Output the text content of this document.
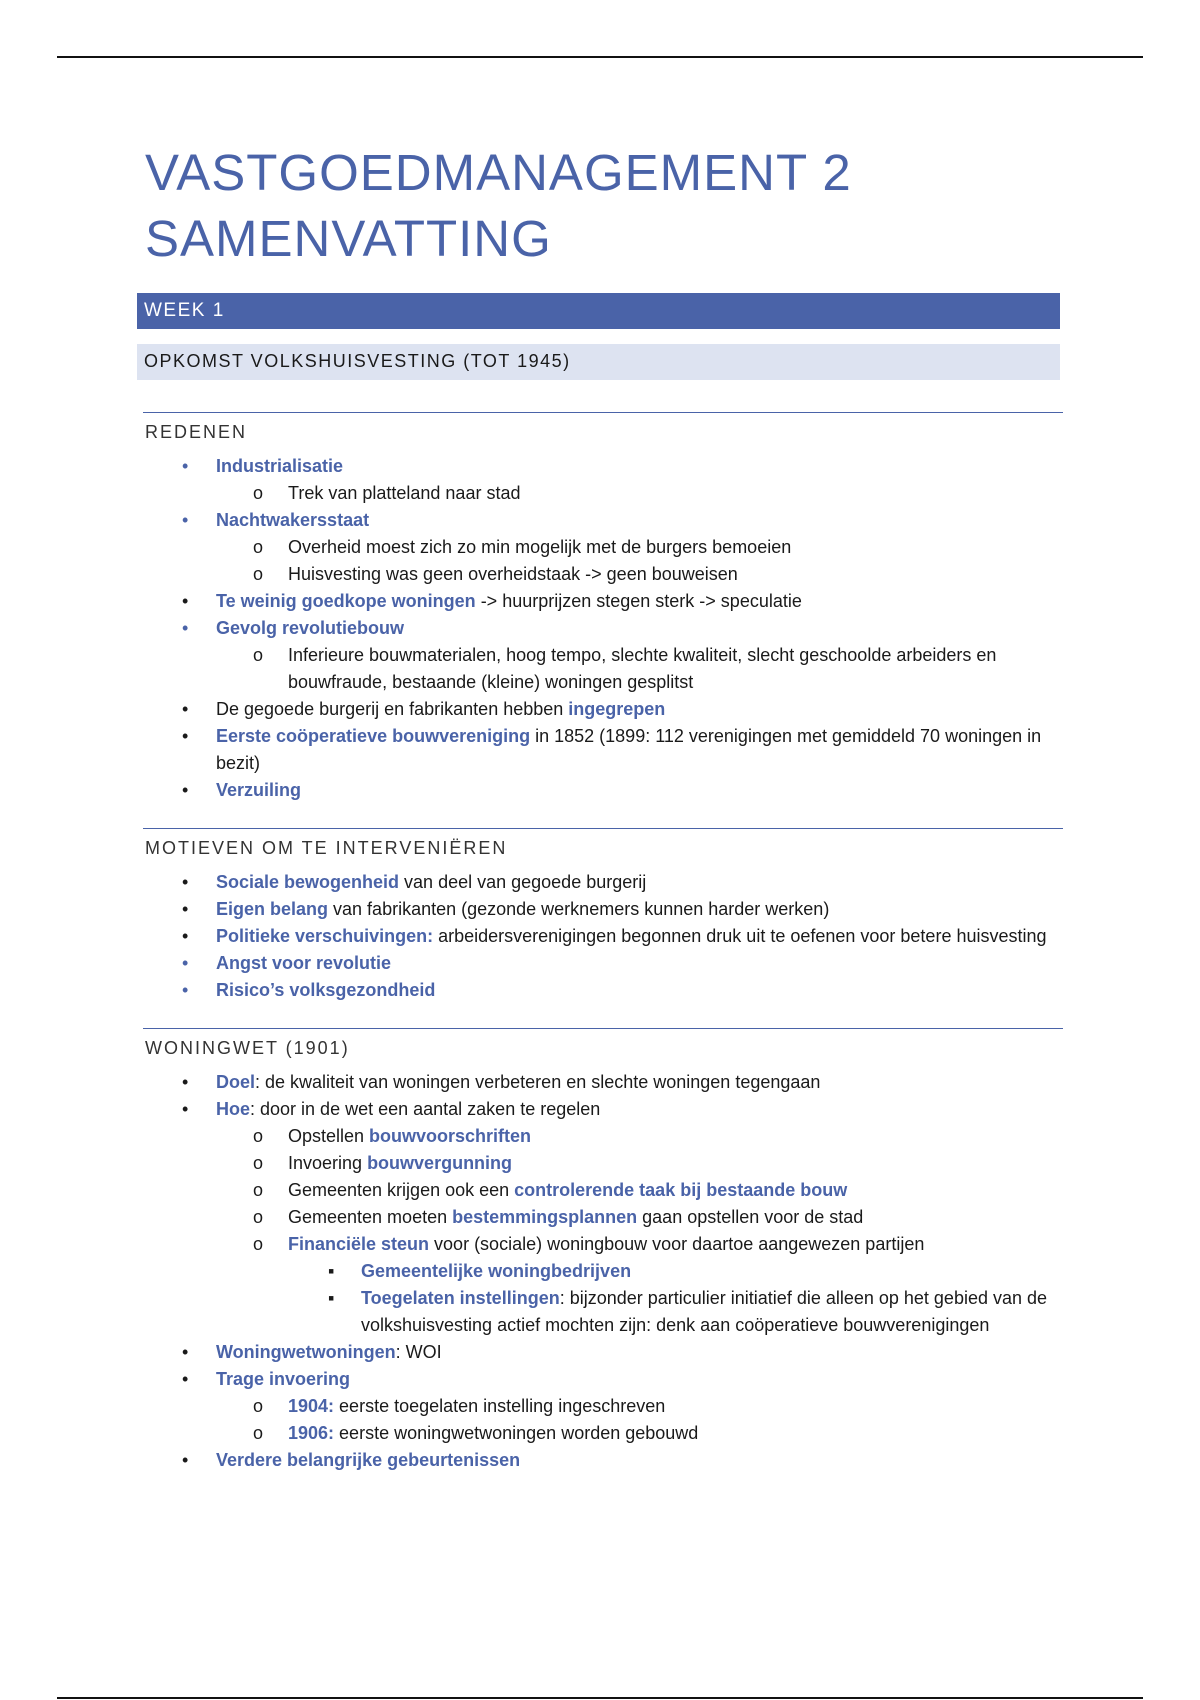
VASTGOEDMANAGEMENT 2
SAMENVATTING
WEEK 1
OPKOMST VOLKSHUISVESTING (TOT 1945)
REDENEN
• Industrialisatie
o Trek van platteland naar stad
• Nachtwakersstaat
o Overheid moest zich zo min mogelijk met de burgers bemoeien
o Huisvesting was geen overheidstaak -> geen bouweisen
• Te weinig goedkope woningen -> huurprijzen stegen sterk -> speculatie
• Gevolg revolutiebouw
o Inferieure bouwmaterialen, hoog tempo, slechte kwaliteit, slecht geschoolde arbeiders en bouwfraude, bestaande (kleine) woningen gesplitst
• De gegoede burgerij en fabrikanten hebben ingegrepen
• Eerste coöperatieve bouwvereniging in 1852 (1899: 112 verenigingen met gemiddeld 70 woningen in bezit)
• Verzuiling
MOTIEVEN OM TE INTERVENIËREN
• Sociale bewogenheid van deel van gegoede burgerij
• Eigen belang van fabrikanten (gezonde werknemers kunnen harder werken)
• Politieke verschuivingen: arbeidersverenigingen begonnen druk uit te oefenen voor betere huisvesting
• Angst voor revolutie
• Risico’s volksgezondheid
WONINGWET (1901)
• Doel: de kwaliteit van woningen verbeteren en slechte woningen tegengaan
• Hoe: door in de wet een aantal zaken te regelen
o Opstellen bouwvoorschriften
o Invoering bouwvergunning
o Gemeenten krijgen ook een controlerende taak bij bestaande bouw
o Gemeenten moeten bestemmingsplannen gaan opstellen voor de stad
o Financiële steun voor (sociale) woningbouw voor daartoe aangewezen partijen
▪ Gemeentelijke woningbedrijven
▪ Toegelaten instellingen: bijzonder particulier initiatief die alleen op het gebied van de volkshuisvesting actief mochten zijn: denk aan coöperatieve bouwverenigingen
• Woningwetwoningen: WOI
• Trage invoering
o 1904: eerste toegelaten instelling ingeschreven
o 1906: eerste woningwetwoningen worden gebouwd
• Verdere belangrijke gebeurtenissen
